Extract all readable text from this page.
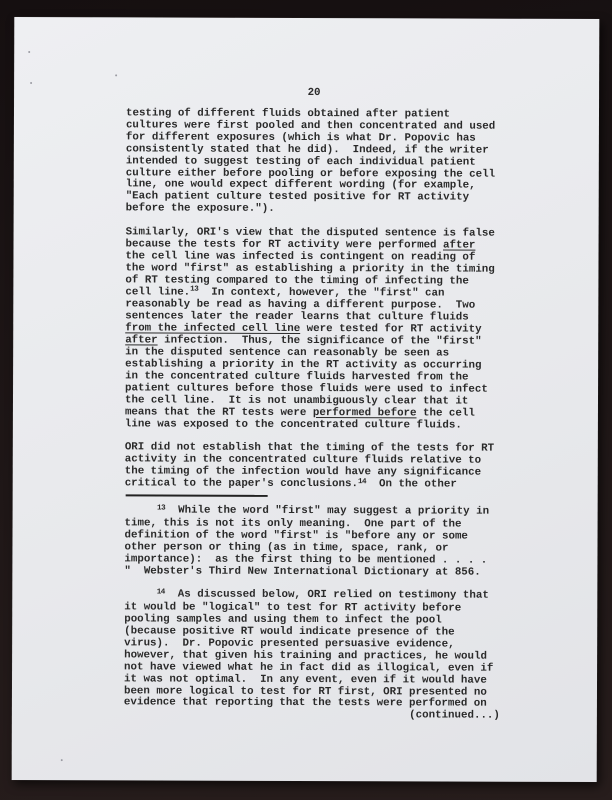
20
testing of different fluids obtained after patient
cultures were first pooled and then concentrated and used
for different exposures (which is what Dr. Popovic has
consistently stated that he did).  Indeed, if the writer
intended to suggest testing of each individual patient
culture either before pooling or before exposing the cell
line, one would expect different wording (for example,
"Each patient culture tested positive for RT activity
before the exposure.").
Similarly, ORI's view that the disputed sentence is false
because the tests for RT activity were performed after
the cell line was infected is contingent on reading of
the word "first" as establishing a priority in the timing
of RT testing compared to the timing of infecting the
cell line.$^{13}$  In context, however, the "first" can
reasonably be read as having a different purpose.  Two
sentences later the reader learns that culture fluids
from the infected cell line were tested for RT activity
after infection.  Thus, the significance of the "first"
in the disputed sentence can reasonably be seen as
establishing a priority in the RT activity as occurring
in the concentrated culture fluids harvested from the
patient cultures before those fluids were used to infect
the cell line.  It is not unambiguously clear that it
means that the RT tests were performed before the cell
line was exposed to the concentrated culture fluids.
ORI did not establish that the timing of the tests for RT
activity in the concentrated culture fluids relative to
the timing of the infection would have any significance
critical to the paper's conclusions.$^{14}$  On the other
$^{13}$  While the word "first" may suggest a priority in
time, this is not its only meaning.  One part of the
definition of the word "first" is "before any or some
other person or thing (as in time, space, rank, or
importance):  as the first thing to be mentioned . . . .
"  Webster's Third New International Dictionary at 856.
$^{14}$  As discussed below, ORI relied on testimony that
it would be "logical" to test for RT activity before
pooling samples and using them to infect the pool
(because positive RT would indicate presence of the
virus).  Dr. Popovic presented persuasive evidence,
however, that given his training and practices, he would
not have viewed what he in fact did as illogical, even if
it was not optimal.  In any event, even if it would have
been more logical to test for RT first, ORI presented no
evidence that reporting that the tests were performed on
(continued...)
